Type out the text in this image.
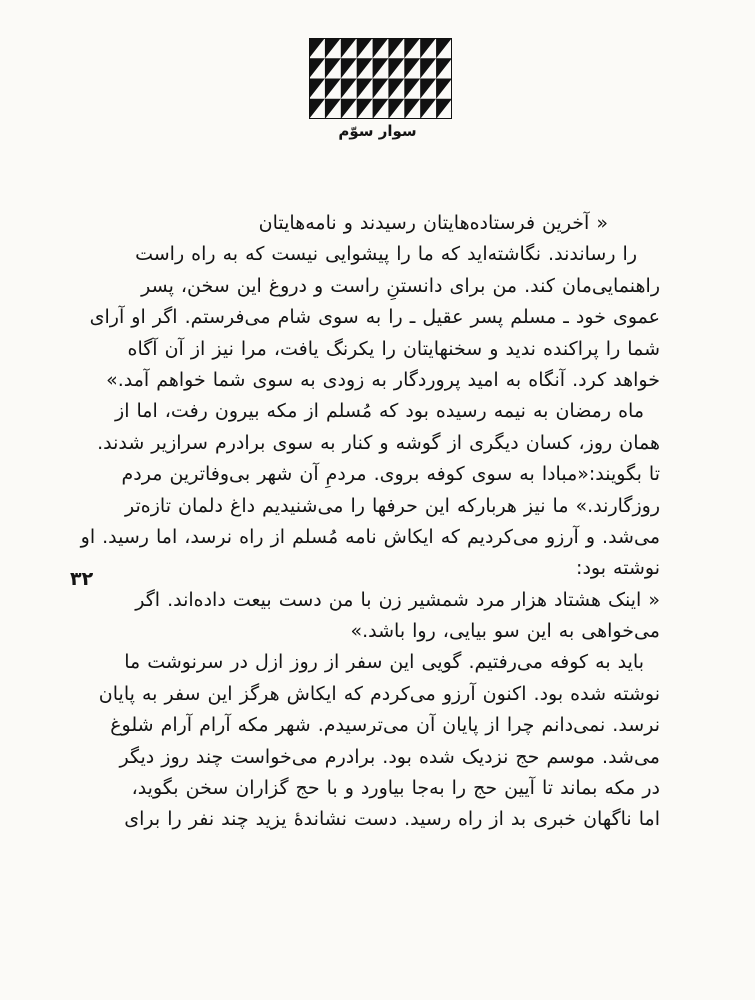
سوار سوّم
« آخرین فرستاده‌هایتان رسیدند و نامه‌هایتان
را رساندند. نگاشته‌اید که ما را پیشوایی نیست که به راه راست
راهنمایی‌مان کند. من برای دانستنِ راست و دروغ این سخن، پسر
عموی خود ـ مسلم پسر عقیل ـ را به سوی شام می‌فرستم. اگر او آرای
شما را پراکنده ندید و سخنهایتان را یکرنگ یافت، مرا نیز از آن آگاه
خواهد کرد. آنگاه به امید پروردگار به زودی به سوی شما خواهم آمد.»
ماه رمضان به نیمه رسیده بود که مُسلم از مکه بیرون رفت، اما از
همان روز، کسان دیگری از گوشه و کنار به سوی برادرم سرازیر شدند.
تا بگویند:«مبادا به سوی کوفه بروی. مردمِ آن شهر بی‌وفاترین مردم
روزگارند.» ما نیز هربارکه این حرفها را می‌شنیدیم داغ دلمان تازه‌تر
می‌شد. و آرزو می‌کردیم که ایکاش نامه مُسلم از راه نرسد، اما رسید. او
نوشته بود:
« اینک هشتاد هزار مرد شمشیر زن با من دست بیعت داده‌اند. اگر
می‌خواهی به این سو بیایی، روا باشد.»
باید به کوفه می‌رفتیم. گویی این سفر از روز ازل در سرنوشت ما
نوشته شده بود. اکنون آرزو می‌کردم که ایکاش هرگز این سفر به پایان
نرسد. نمی‌دانم چرا از پایان آن می‌ترسیدم. شهر مکه آرام آرام شلوغ
می‌شد. موسم حج نزدیک شده بود. برادرم می‌خواست چند روز دیگر
در مکه بماند تا آیین حج را به‌جا بیاورد و با حج گزاران سخن بگوید،
اما ناگهان خبری بد از راه رسید. دست نشاندهٔ یزید چند نفر را برای
۳۲
